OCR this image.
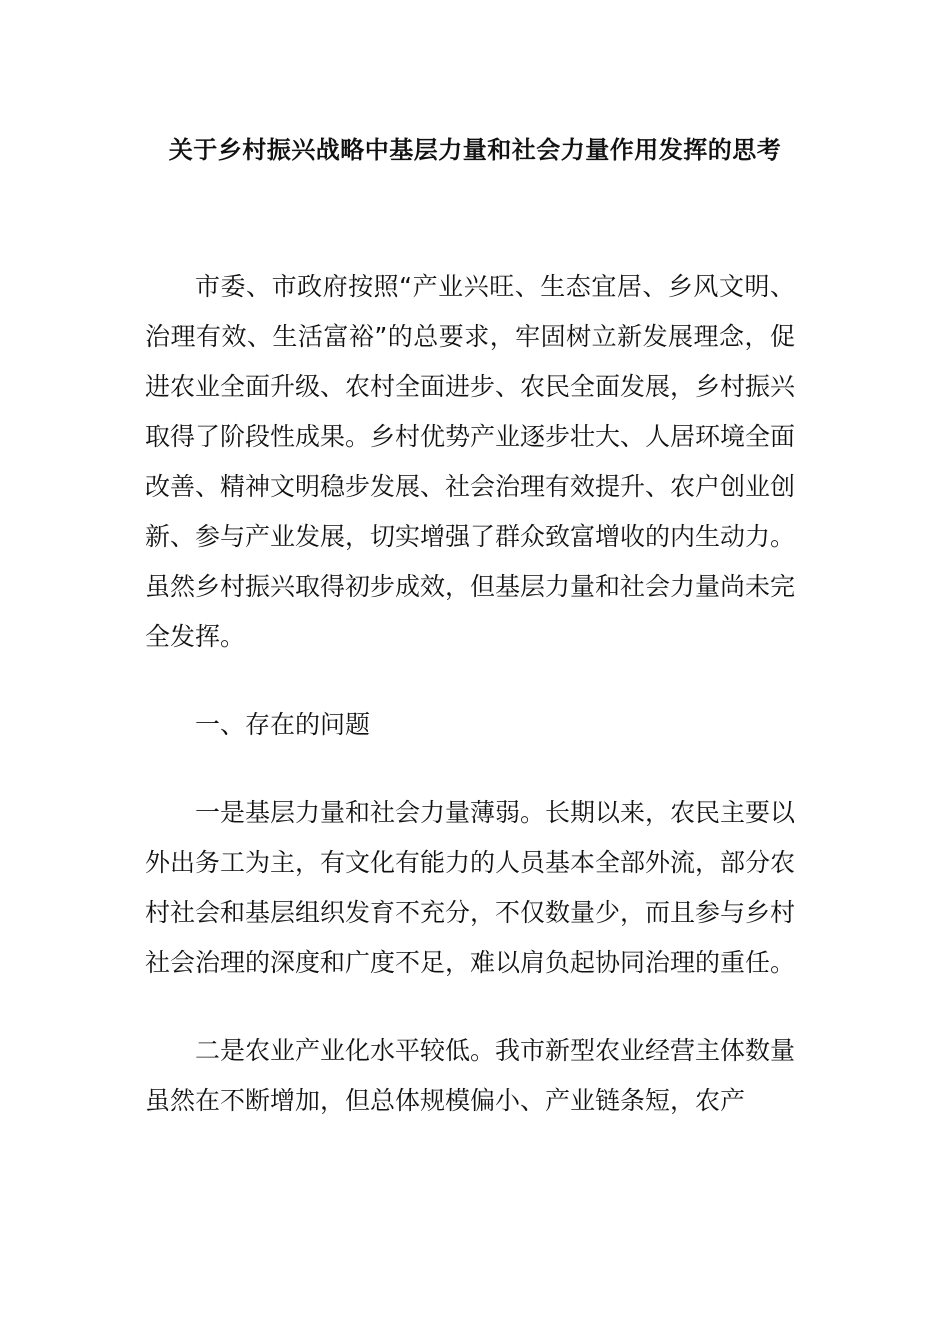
关于乡村振兴战略中基层力量和社会力量作用发挥的思考

市委、市政府按照“产业兴旺、生态宜居、乡风文明、治理有效、生活富裕”的总要求，牢固树立新发展理念，促进农业全面升级、农村全面进步、农民全面发展，乡村振兴取得了阶段性成果。乡村优势产业逐步壮大、人居环境全面改善、精神文明稳步发展、社会治理有效提升、农户创业创新、参与产业发展，切实增强了群众致富增收的内生动力。虽然乡村振兴取得初步成效，但基层力量和社会力量尚未完全发挥。

一、存在的问题

一是基层力量和社会力量薄弱。长期以来，农民主要以外出务工为主，有文化有能力的人员基本全部外流，部分农村社会和基层组织发育不充分，不仅数量少，而且参与乡村社会治理的深度和广度不足，难以肩负起协同治理的重任。

二是农业产业化水平较低。我市新型农业经营主体数量虽然在不断增加，但总体规模偏小、产业链条短，农产
